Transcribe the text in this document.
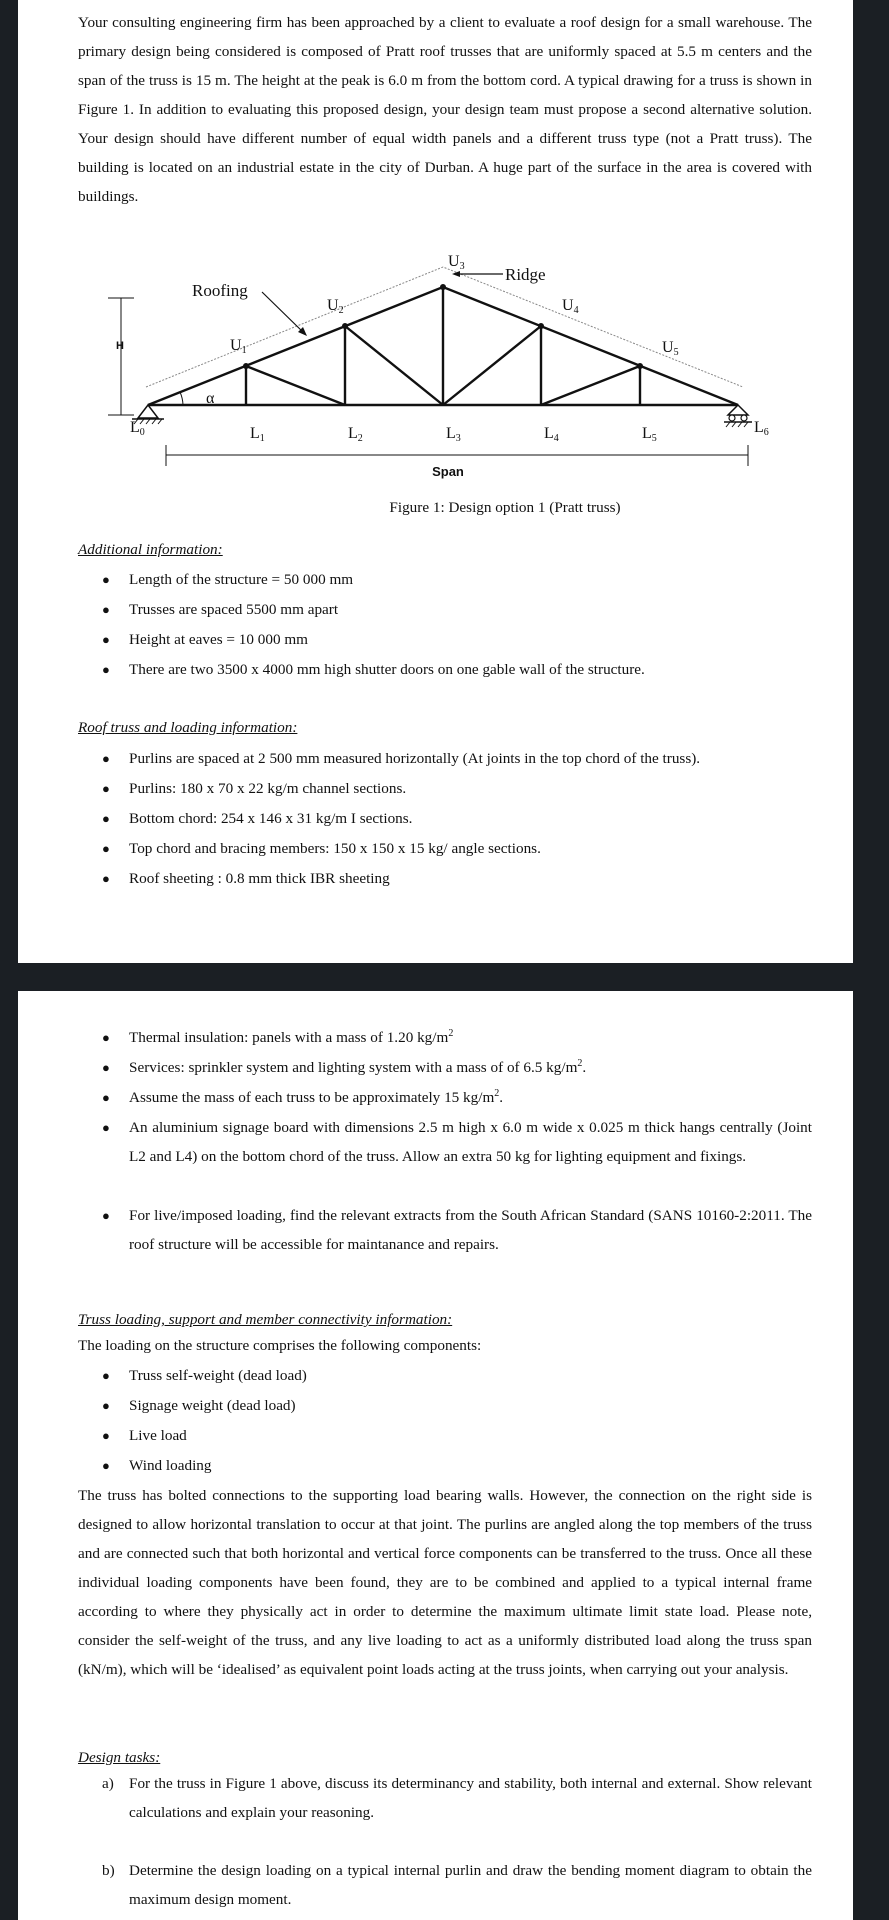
Your consulting engineering firm has been approached by a client to evaluate a roof design for a small warehouse. The primary design being considered is composed of Pratt roof trusses that are uniformly spaced at 5.5 m centers and the span of the truss is 15 m. The height at the peak is 6.0 m from the bottom cord. A typical drawing for a truss is shown in Figure 1. In addition to evaluating this proposed design, your design team must propose a second alternative solution. Your design should have different number of equal width panels and a different truss type (not a Pratt truss). The building is located on an industrial estate in the city of Durban. A huge part of the surface in the area is covered with buildings.

H
α
Roofing
Ridge
U1
U2
U3
U4
U5
L0	L1	L2	L3	L4	L5
L6
Span
Figure 1: Design option 1 (Pratt truss)

Additional information:

● Length of the structure = 50 000 mm
● Trusses are spaced 5500 mm apart
● Height at eaves = 10 000 mm
● There are two 3500 x 4000 mm high shutter doors on one gable wall of the structure.

Roof truss and loading information:

● Purlins are spaced at 2 500 mm measured horizontally (At joints in the top chord of the truss).
● Purlins: 180 x 70 x 22 kg/m channel sections.
● Bottom chord: 254 x 146 x 31 kg/m I sections.
● Top chord and bracing members: 150 x 150 x 15 kg/ angle sections.
● Roof sheeting : 0.8 mm thick IBR sheeting
● Thermal insulation: panels with a mass of 1.20 $kg/m^2$
● Services: sprinkler system and lighting system with a mass of of 6.5 $kg/m^2$.
● Assume the mass of each truss to be approximately 15 $kg/m^2$.
● An aluminium signage board with dimensions 2.5 m high x 6.0 m wide x 0.025 m thick hangs centrally (Joint L2 and L4) on the bottom chord of the truss. Allow an extra 50 kg for lighting equipment and fixings.
● For live/imposed loading, find the relevant extracts from the South African Standard (SANS 10160-2:2011. The roof structure will be accessible for maintanance and repairs.

Truss loading, support and member connectivity information:

The loading on the structure comprises the following components:

● Truss self-weight (dead load)
● Signage weight (dead load)
● Live load
● Wind loading

The truss has bolted connections to the supporting load bearing walls. However, the connection on the right side is designed to allow horizontal translation to occur at that joint. The purlins are angled along the top members of the truss and are connected such that both horizontal and vertical force components can be transferred to the truss. Once all these individual loading components have been found, they are to be combined and applied to a typical internal frame according to where they physically act in order to determine the maximum ultimate limit state load. Please note, consider the self-weight of the truss, and any live loading to act as a uniformly distributed load along the truss span (kN/m), which will be ‘idealised’ as equivalent point loads acting at the truss joints, when carrying out your analysis.

Design tasks:

a) For the truss in Figure 1 above, discuss its determinancy and stability, both internal and external. Show relevant calculations and explain your reasoning.
b) Determine the design loading on a typical internal purlin and draw the bending moment diagram to obtain the maximum design moment.
